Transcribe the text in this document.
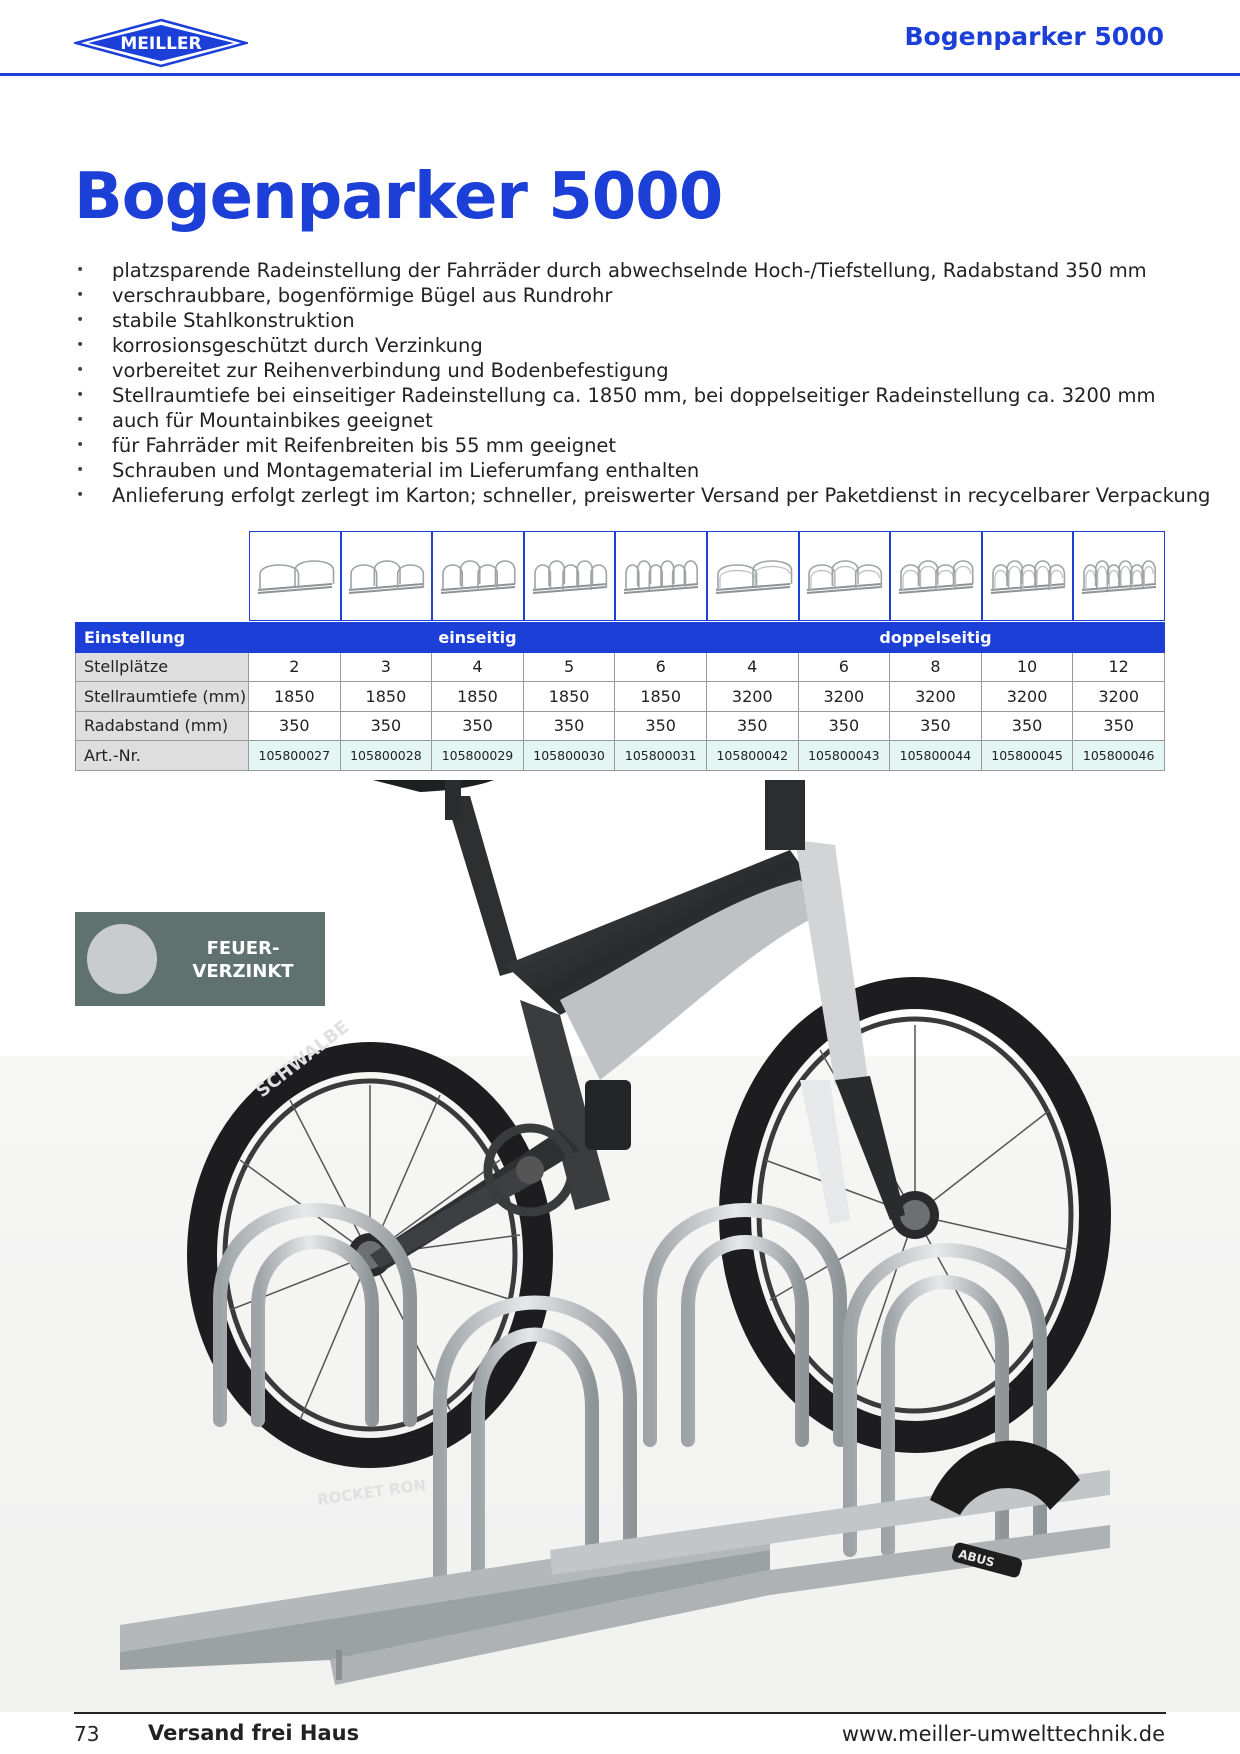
MEILLER	Bogenparker 5000
Bogenparker 5000
• platzsparende Radeinstellung der Fahrräder durch abwechselnde Hoch-/Tiefstellung, Radabstand 350 mm
• verschraubbare, bogenförmige Bügel aus Rundrohr
• stabile Stahlkonstruktion
• korrosionsgeschützt durch Verzinkung
• vorbereitet zur Reihenverbindung und Bodenbefestigung
• Stellraumtiefe bei einseitiger Radeinstellung ca. 1850 mm, bei doppelseitiger Radeinstellung ca. 3200 mm
• auch für Mountainbikes geeignet
• für Fahrräder mit Reifenbreiten bis 55 mm geeignet
• Schrauben und Montagematerial im Lieferumfang enthalten
• Anlieferung erfolgt zerlegt im Karton; schneller, preiswerter Versand per Paketdienst in recycelbarer Verpackung
Einstellung	einseitig					doppelseitig				
Stellplätze	2	3	4	5	6	4	6	8	10	12
Stellraumtiefe (mm)	1850	1850	1850	1850	1850	3200	3200	3200	3200	3200
Radabstand (mm)	350	350	350	350	350	350	350	350	350	350
Art.-Nr.	105800027	105800028	105800029	105800030	105800031	105800042	105800043	105800044	105800045	105800046
SCHWALBE
ROCKET RON
ABUS
FEUER-
VERZINKT
73 Versand frei Haus	www.meiller-umwelttechnik.de
